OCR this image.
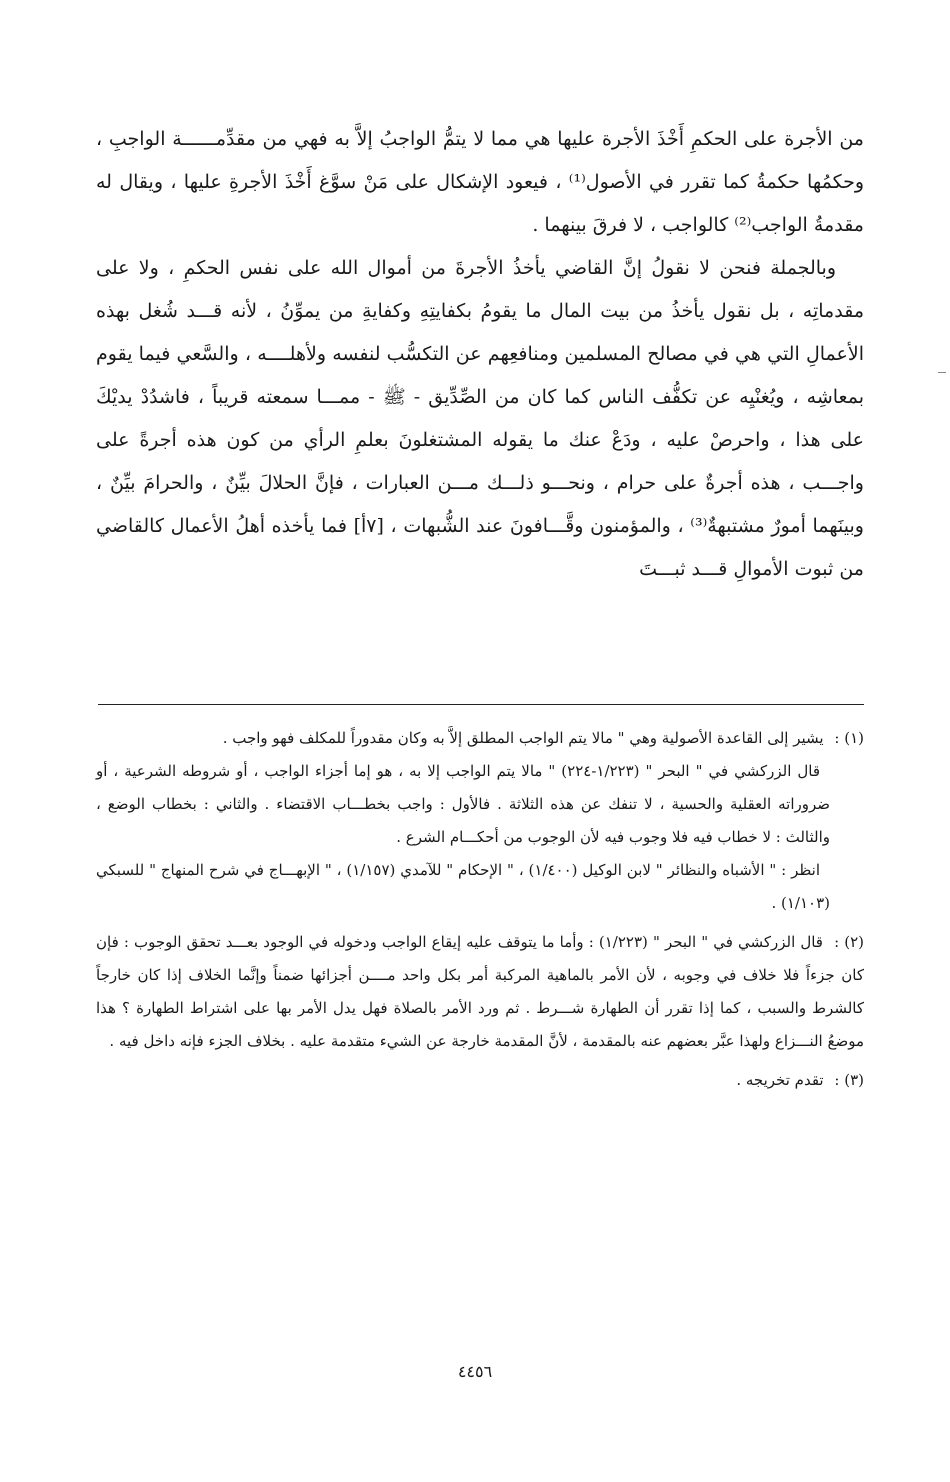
من الأجرة على الحكمِ أَخْذَ الأجرة عليها هي مما لا يتمُّ الواجبُ إلاَّ به فهي من مقدِّمــــــة الواجبِ ، وحكمُها حكمةُ كما تقرر في الأصول⁽¹⁾ ، فيعود الإشكال على مَنْ سوَّغ أَخْذَ الأجرةِ عليها ، ويقال له مقدمةُ الواجب⁽²⁾ كالواجب ، لا فرقَ بينهما .

وبالجملة فنحن لا نقولُ إنَّ القاضي يأخذُ الأجرةَ من أموال الله على نفس الحكمِ ، ولا على مقدماتِه ، بل نقول يأخذُ من بيت المال ما يقومُ بكفايتِهِ وكفايةِ من يموِّنُ ، لأنه قـــد شُغل بهذه الأعمالِ التي هي في مصالح المسلمين ومنافعِهم عن التكسُّب لنفسه ولأهلــــه ، والسَّعي فيما يقوم بمعاشِه ، ويُغنْيِه عن تكفُّف الناس كما كان من الصِّدِّيق - ﷺ - ممـــا سمعته قريباً ، فاشدُدْ يديْكَ على هذا ، واحرصْ عليه ، ودَعْ عنك ما يقوله المشتغلونَ بعلمِ الرأي من كون هذه أجرةً على واجـــب ، هذه أجرةٌ على حرام ، ونحـــو ذلـــك مـــن العبارات ، فإنَّ الحلالَ بيِّنٌ ، والحرامَ بيِّنٌ ، وبينَهما أمورٌ مشتبهةٌ⁽³⁾ ، والمؤمنون وقَّـــافونَ عند الشُّبهات ، [٧أ] فما يأخذه أهلُ الأعمال كالقاضي من ثبوت الأموالِ قـــد ثبـــتَ

(١) : يشير إلى القاعدة الأصولية وهي " مالا يتم الواجب المطلق إلاَّ به وكان مقدوراً للمكلف فهو واجب .

قال الزركشي في " البحر " (١/٢٢٣-٢٢٤) " مالا يتم الواجب إلا به ، هو إما أجزاء الواجب ، أو شروطه الشرعية ، أو ضروراته العقلية والحسية ، لا تنفك عن هذه الثلاثة . فالأول : واجب بخطـــاب الاقتضاء . والثاني : بخطاب الوضع ، والثالث : لا خطاب فيه فلا وجوب فيه لأن الوجوب من أحكـــام الشرع .

انظر : " الأشباه والنظائر " لابن الوكيل (١/٤٠٠) ، " الإحكام " للآمدي (١/١٥٧) ، " الإبهـــاج في شرح المنهاج " للسبكي (١/١٠٣) .

(٢) : قال الزركشي في " البحر " (١/٢٢٣) : وأما ما يتوقف عليه إيقاع الواجب ودخوله في الوجود بعـــد تحقق الوجوب : فإن كان جزءاً فلا خلاف في وجوبه ، لأن الأمر بالماهية المركبة أمر بكل واحد مــــن أجزائها ضمناً وإنَّما الخلاف إذا كان خارجاً كالشرط والسبب ، كما إذا تقرر أن الطهارة شـــرط . ثم ورد الأمر بالصلاة فهل يدل الأمر بها على اشتراط الطهارة ؟ هذا موضعُ النـــزاع ولهذا عبَّر بعضهم عنه بالمقدمة ، لأنَّ المقدمة خارجة عن الشيء متقدمة عليه . بخلاف الجزء فإنه داخل فيه .

(٣) : تقدم تخريجه .

٤٤٥٦
